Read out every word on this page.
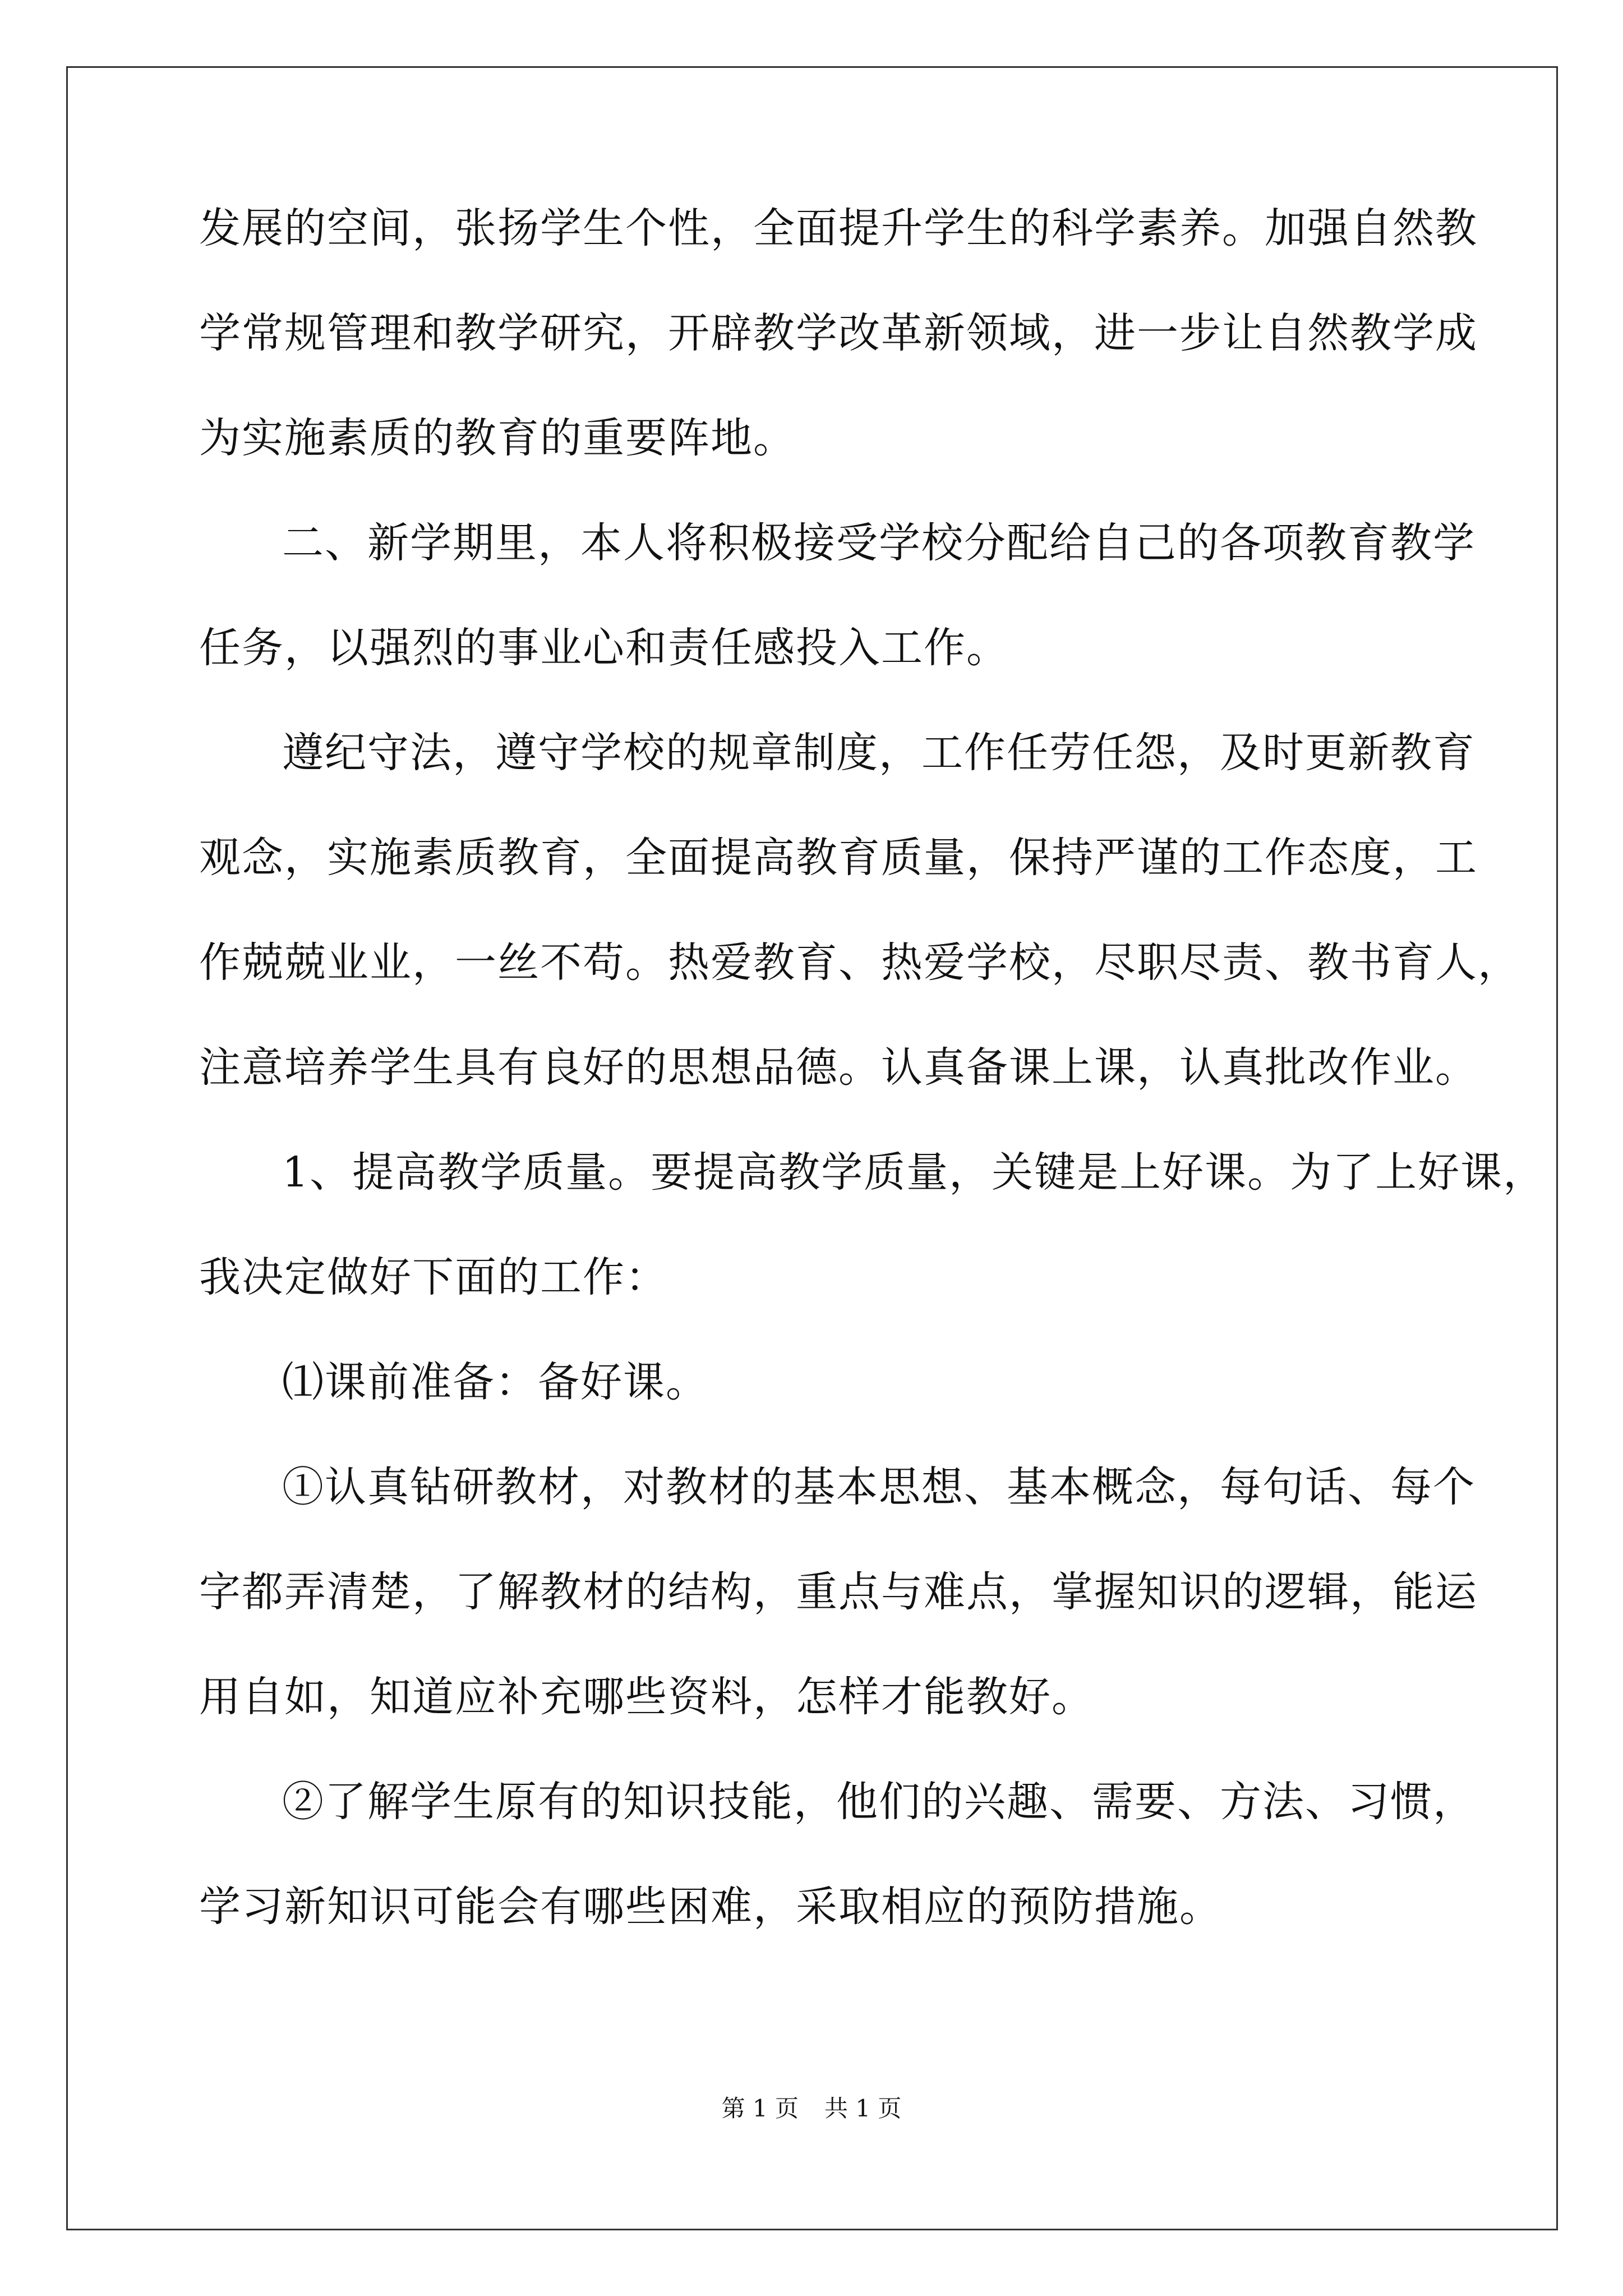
发展的空间，张扬学生个性，全面提升学生的科学素养。加强自然教
学常规管理和教学研究，开辟教学改革新领域，进一步让自然教学成
为实施素质的教育的重要阵地。
二、新学期里，本人将积极接受学校分配给自己的各项教育教学
任务，以强烈的事业心和责任感投入工作。
遵纪守法，遵守学校的规章制度，工作任劳任怨，及时更新教育
观念，实施素质教育，全面提高教育质量，保持严谨的工作态度，工
作兢兢业业，一丝不苟。热爱教育、热爱学校，尽职尽责、教书育人，
注意培养学生具有良好的思想品德。认真备课上课，认真批改作业。
1、提高教学质量。要提高教学质量，关键是上好课。为了上好课，
我决定做好下面的工作：
⑴课前准备：备好课。
①认真钻研教材，对教材的基本思想、基本概念，每句话、每个
字都弄清楚，了解教材的结构，重点与难点，掌握知识的逻辑，能运
用自如，知道应补充哪些资料，怎样才能教好。
②了解学生原有的知识技能，他们的兴趣、需要、方法、习惯，
学习新知识可能会有哪些困难，采取相应的预防措施。
第 1 页 共 1 页
